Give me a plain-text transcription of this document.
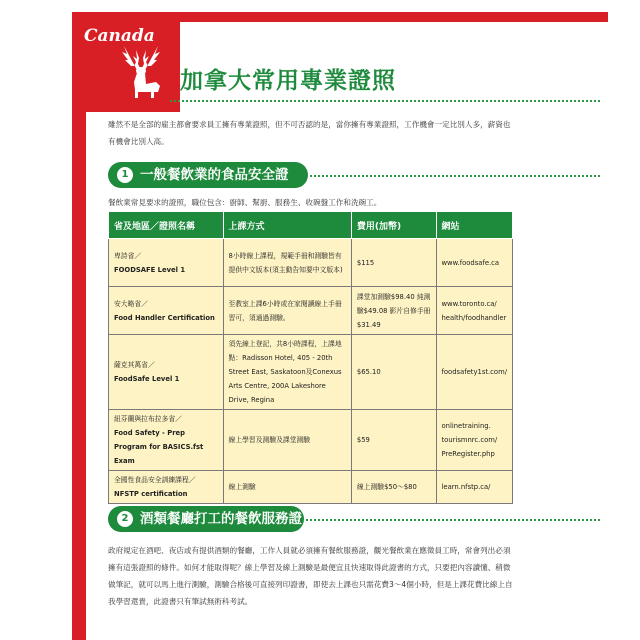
Canada
加拿大常用專業證照
雖然不是全部的雇主都會要求員工擁有專業證照，但不可否認的是，當你擁有專業證照，工作機會一定比別人多，薪資也有機會比別人高。
1 一般餐飲業的食品安全證
餐飲業常見要求的證照，職位包含：廚師、幫廚、服務生、收碗盤工作和洗碗工。
省及地區／證照名稱	上課方式	費用(加幣)	網站

卑詩省／
FOODSAFE Level 1	8小時線上課程，規範手冊和測驗皆有提供中文版本(須主動告知要中文版本)	$115	www.foodsafe.ca

安大略省／
Food Handler Certification	至教室上課6小時或在家閱讀線上手冊習可，須通過測驗。	課堂加測驗$98.40 純測驗$49.08 影片自修手冊$31.49	www.toronto.ca/ health/foodhandler

薩克其萬省／
FoodSafe Level 1	須先線上登記，共8小時課程，上課地點：Radisson Hotel, 405 - 20th Street East, Saskatoon及Conexus Arts Centre, 200A Lakeshore Drive, Regina	$65.10	foodsafety1st.com/

紐芬蘭與拉布拉多省／
Food Safety - Prep Program for BASICS.fst Exam	線上學習及測驗及課堂測驗	$59	onlinetraining. tourismnrc.com/ PreRegister.php

全國性食品安全訓練課程／
NFSTP certification	線上測驗	線上測驗$50～$80	learn.nfstp.ca/
2 酒類餐廳打工的餐飲服務證
政府規定在酒吧、夜店或有提供酒類的餐廳，工作人員就必須擁有餐飲服務證，觀光餐飲業在應徵員工時，常會列出必須擁有這張證照的條件。如何才能取得呢？線上學習及線上測驗是最便宜且快速取得此證書的方式，只要把內容讀懂、稍微做筆記，就可以馬上進行測驗，測驗合格後可直接列印證書，即使去上課也只需花費3～4個小時，但是上課花費比線上自我學習還貴，此證書只有筆試無術科考試。
